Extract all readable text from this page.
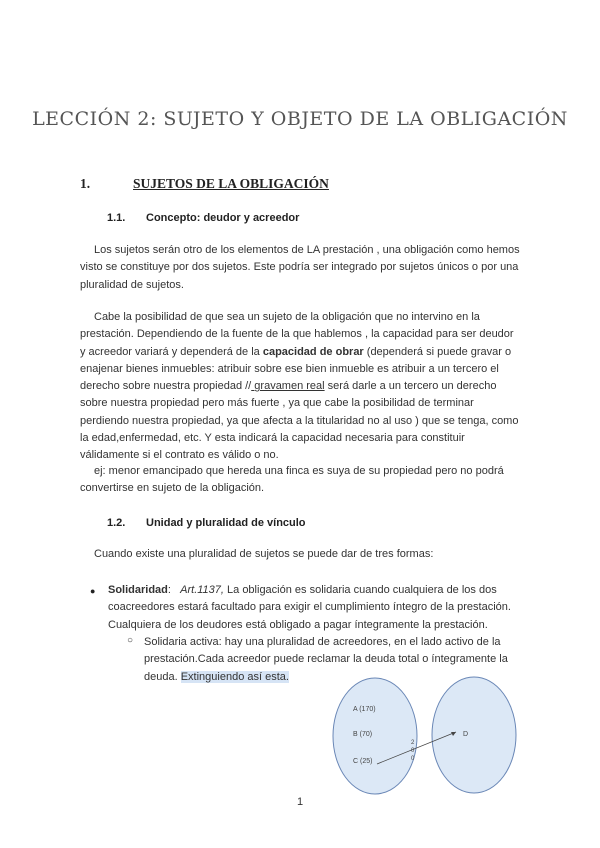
LECCIÓN 2: SUJETO Y OBJETO DE LA OBLIGACIÓN
1.	SUJETOS DE LA OBLIGACIÓN
1.1. Concepto: deudor y acreedor
Los sujetos serán otro de los elementos de LA prestación , una obligación como hemos visto se constituye por dos sujetos. Este podría ser integrado por sujetos únicos o por una pluralidad de sujetos.
Cabe la posibilidad de que sea un sujeto de la obligación que no intervino en la prestación. Dependiendo de la fuente de la que hablemos , la capacidad para ser deudor y acreedor variará y dependerá de la capacidad de obrar (dependerá si puede gravar o enajenar bienes inmuebles: atribuir sobre ese bien inmueble es atribuir a un tercero el derecho sobre nuestra propiedad // gravamen real será darle a un tercero un derecho sobre nuestra propiedad pero más fuerte , ya que cabe la posibilidad de terminar perdiendo nuestra propiedad, ya que afecta a la titularidad no al uso ) que se tenga, como la edad,enfermedad, etc. Y esta indicará la capacidad necesaria para constituir válidamente si el contrato es válido o no.
ej: menor emancipado que hereda una finca es suya de su propiedad pero no podrá convertirse en sujeto de la obligación.
1.2. Unidad y pluralidad de vínculo
Cuando existe una pluralidad de sujetos se puede dar de tres formas:
● Solidaridad: Art.1137, La obligación es solidaria cuando cualquiera de los dos coacreedores estará facultado para exigir el cumplimiento íntegro de la prestación. Cualquiera de los deudores está obligado a pagar íntegramente la prestación.
○ Solidaria activa: hay una pluralidad de acreedores, en el lado activo de la prestación.Cada acreedor puede reclamar la deuda total o íntegramente la deuda. Extinguiendo así esta.
A (170)
B (70)
C (25)
2
0
0
D
1
